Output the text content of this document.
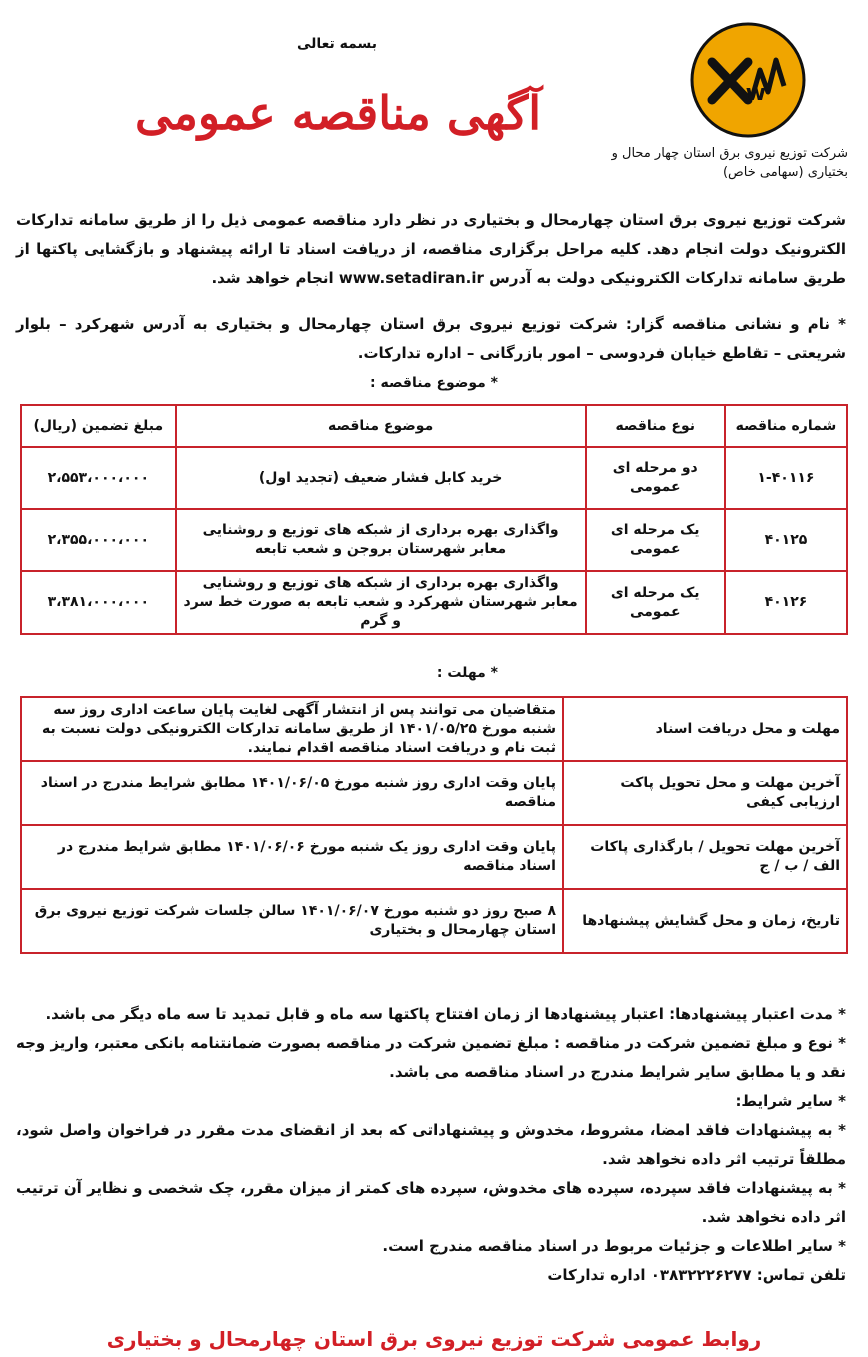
w
شرکت توزیع نیروی برق استان چهار محال و بختیاری (سهامی خاص)
بسمه تعالی
آگهی مناقصه عمومی
شرکت توزیع نیروی برق استان چهارمحال و بختیاری در نظر دارد مناقصه عمومی ذیل را از طریق سامانه تدارکات الکترونیک دولت انجام دهد. کلیه مراحل برگزاری مناقصه، از دریافت اسناد تا ارائه پیشنهاد و بازگشایی پاکتها از طریق سامانه تدارکات الکترونیکی دولت به آدرس www.setadiran.ir انجام خواهد شد.
* نام و نشانی مناقصه گزار: شرکت توزیع نیروی برق استان چهارمحال و بختیاری به آدرس شهرکرد – بلوار شریعتی – تقاطع خیابان فردوسی – امور بازرگانی – اداره تدارکات.
* موضوع مناقصه :
شماره مناقصه	نوع مناقصه	موضوع مناقصه	مبلغ تضمین (ریال)
۱-۴۰۱۱۶	دو مرحله ای عمومی	خرید کابل فشار ضعیف (تجدید اول)	۲،۵۵۳،۰۰۰،۰۰۰
۴۰۱۲۵	یک مرحله ای عمومی	واگذاری بهره برداری از شبکه های توزیع و روشنایی معابر شهرستان بروجن و شعب تابعه	۲،۳۵۵،۰۰۰،۰۰۰
۴۰۱۲۶	یک مرحله ای عمومی	واگذاری بهره برداری از شبکه های توزیع و روشنایی معابر شهرستان شهرکرد و شعب تابعه به صورت خط سرد و گرم	۳،۳۸۱،۰۰۰،۰۰۰
* مهلت :
مهلت و محل دریافت اسناد	متقاضیان می توانند پس از انتشار آگهی لغایت پایان ساعت اداری روز سه شنبه مورخ ۱۴۰۱/۰۵/۲۵ از طریق سامانه تدارکات الکترونیکی دولت نسبت به ثبت نام و دریافت اسناد مناقصه اقدام نمایند.
آخرین مهلت و محل تحویل پاکت ارزیابی کیفی	پایان وقت اداری روز شنبه مورخ ۱۴۰۱/۰۶/۰۵ مطابق شرایط مندرج در اسناد مناقصه
آخرین مهلت تحویل / بارگذاری پاکات الف / ب / ج	پایان وقت اداری روز یک شنبه مورخ ۱۴۰۱/۰۶/۰۶ مطابق شرایط مندرج در اسناد مناقصه
تاریخ، زمان و محل گشایش پیشنهادها	۸ صبح روز دو شنبه مورخ ۱۴۰۱/۰۶/۰۷ سالن جلسات شرکت توزیع نیروی برق استان چهارمحال و بختیاری

* مدت اعتبار پیشنهادها: اعتبار پیشنهادها از زمان افتتاح پاکتها سه ماه و قابل تمدید تا سه ماه دیگر می باشد.

* نوع و مبلغ تضمین شرکت در مناقصه : مبلغ تضمین شرکت در مناقصه بصورت ضمانتنامه بانکی معتبر، واریز وجه نقد و یا مطابق سایر شرایط مندرج در اسناد مناقصه می باشد.

* سایر شرایط:

* به پیشنهادات فاقد امضا، مشروط، مخدوش و پیشنهاداتی که بعد از انقضای مدت مقرر در فراخوان واصل شود، مطلقاً ترتیب اثر داده نخواهد شد.

* به پیشنهادات فاقد سپرده، سپرده های مخدوش، سپرده های کمتر از میزان مقرر، چک شخصی و نظایر آن ترتیب اثر داده نخواهد شد.

* سایر اطلاعات و جزئیات مربوط در اسناد مناقصه مندرج است.

تلفن تماس: ۰۳۸۳۲۲۲۶۲۷۷ اداره تدارکات

روابط عمومی شرکت توزیع نیروی برق استان چهارمحال و بختیاری
